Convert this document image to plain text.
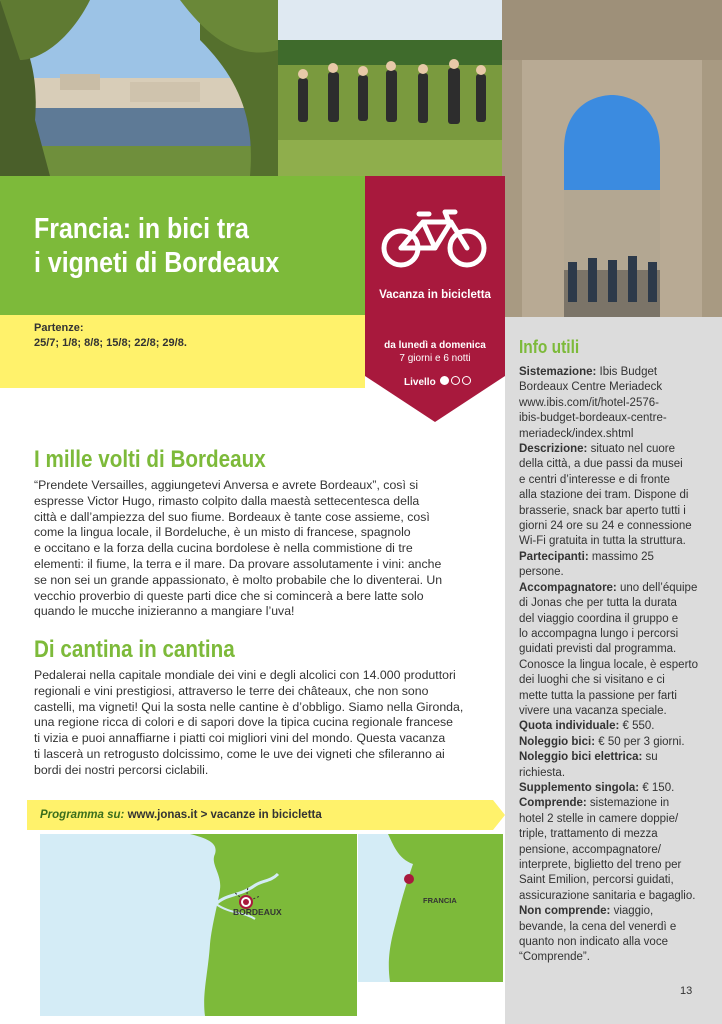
Francia: in bici tra
i vigneti di Bordeaux
Partenze:
25/7; 1/8; 8/8; 15/8; 22/8; 29/8.
Vacanza in bicicletta
da lunedì a domenica
7 giorni e 6 notti
Livello
I mille volti di Bordeaux

“Prendete Versailles, aggiungetevi Anversa e avrete Bordeaux”, così si

espresse Victor Hugo, rimasto colpito dalla maestà settecentesca della

città e dall’ampiezza del suo fiume. Bordeaux è tante cose assieme, così

come la lingua locale, il Bordeluche, è un misto di francese, spagnolo

e occitano e la forza della cucina bordolese è nella commistione di tre

elementi: il fiume, la terra e il mare. Da provare assolutamente i vini: anche

se non sei un grande appassionato, è molto probabile che lo diventerai. Un

vecchio proverbio di queste parti dice che si comincerà a bere latte solo

quando le mucche inizieranno a mangiare l’uva!

Di cantina in cantina

Pedalerai nella capitale mondiale dei vini e degli alcolici con 14.000 produttori

regionali e vini prestigiosi, attraverso le terre dei châteaux, che non sono

castelli, ma vigneti! Qui la sosta nelle cantine è d’obbligo. Siamo nella Gironda,

una regione ricca di colori e di sapori dove la tipica cucina regionale francese

ti vizia e puoi annaffiarne i piatti coi migliori vini del mondo. Questa vacanza

ti lascerà un retrogusto dolcissimo, come le uve dei vigneti che sfileranno ai

bordi dei nostri percorsi ciclabili.

Programma su: www.jonas.it > vacanze in bicicletta
BORDEAUX
FRANCIA
Info utili
Sistemazione: Ibis Budget
Bordeaux Centre Meriadeck
www.ibis.com/it/hotel-2576-
ibis-budget-bordeaux-centre-
meriadeck/index.shtml
Descrizione: situato nel cuore
della città, a due passi da musei
e centri d’interesse e di fronte
alla stazione dei tram. Dispone di
brasserie, snack bar aperto tutti i
giorni 24 ore su 24 e connessione
Wi-Fi gratuita in tutta la struttura.
Partecipanti: massimo 25
persone.
Accompagnatore: uno dell’équipe
di Jonas che per tutta la durata
del viaggio coordina il gruppo e
lo accompagna lungo i percorsi
guidati previsti dal programma.
Conosce la lingua locale, è esperto
dei luoghi che si visitano e ci
mette tutta la passione per farti
vivere una vacanza speciale.
Quota individuale: € 550.
Noleggio bici: € 50 per 3 giorni.
Noleggio bici elettrica: su
richiesta.
Supplemento singola: € 150.
Comprende: sistemazione in
hotel 2 stelle in camere doppie/
triple, trattamento di mezza
pensione, accompagnatore/
interprete, biglietto del treno per
Saint Emilion, percorsi guidati,
assicurazione sanitaria e bagaglio.
Non comprende: viaggio,
bevande, la cena del venerdì e
quanto non indicato alla voce
“Comprende”.
13
